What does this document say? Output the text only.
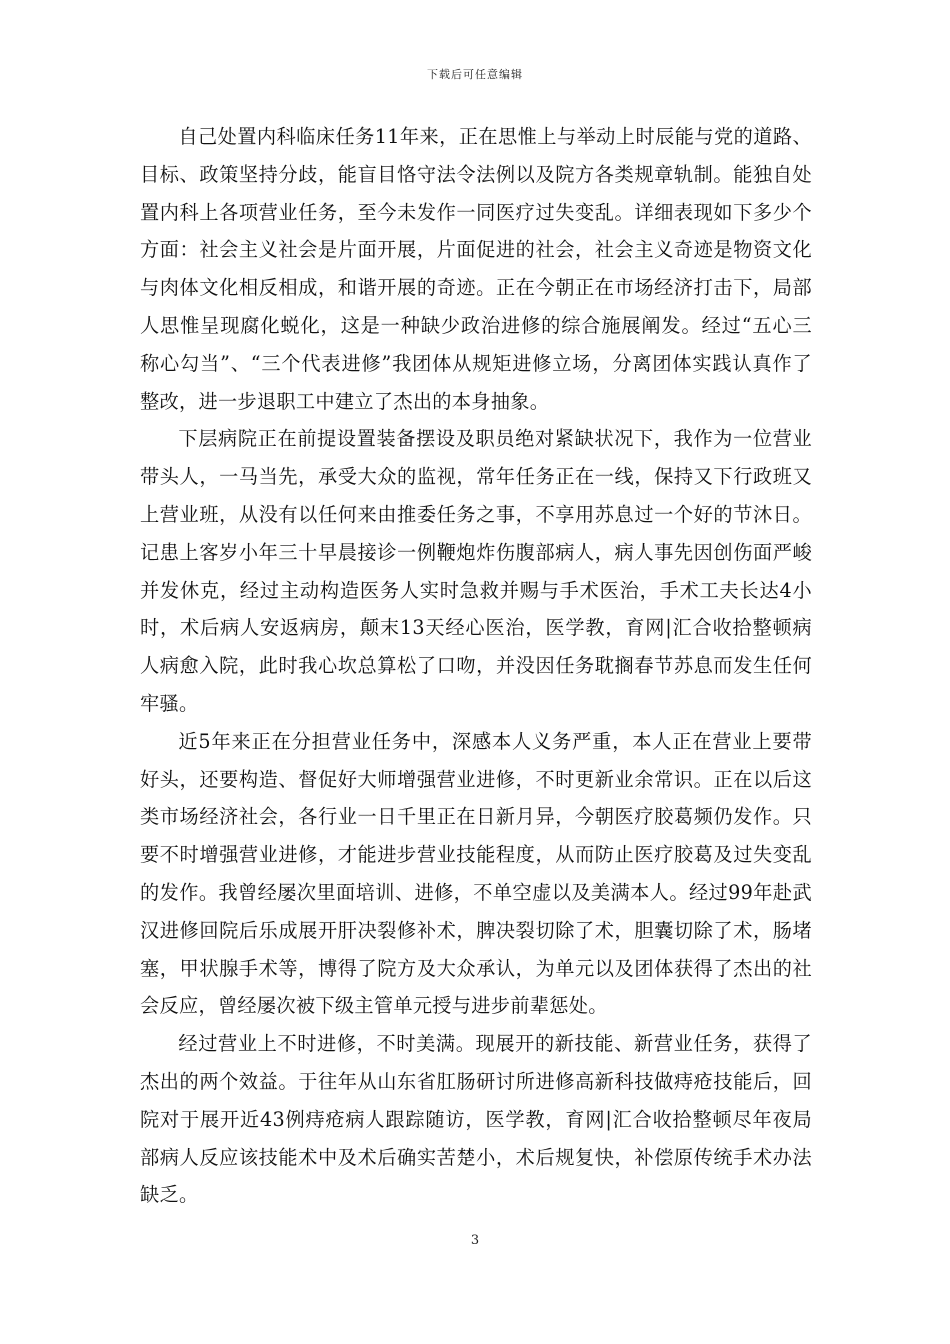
下载后可任意编辑

自己处置内科临床任务11年来，正在思惟上与举动上时辰能与党的道路、目标、政策坚持分歧，能盲目恪守法令法例以及院方各类规章轨制。能独自处置内科上各项营业任务，至今未发作一同医疗过失变乱。详细表现如下多少个方面：社会主义社会是片面开展，片面促进的社会，社会主义奇迹是物资文化与肉体文化相反相成，和谐开展的奇迹。正在今朝正在市场经济打击下，局部人思惟呈现腐化蜕化，这是一种缺少政治进修的综合施展阐发。经过“五心三称心勾当”、“三个代表进修”我团体从规矩进修立场，分离团体实践认真作了整改，进一步退职工中建立了杰出的本身抽象。

下层病院正在前提设置装备摆设及职员绝对紧缺状况下，我作为一位营业带头人，一马当先，承受大众的监视，常年任务正在一线，保持又下行政班又上营业班，从没有以任何来由推委任务之事，不享用苏息过一个好的节沐日。记患上客岁小年三十早晨接诊一例鞭炮炸伤腹部病人，病人事先因创伤面严峻并发休克，经过主动构造医务人实时急救并赐与手术医治，手术工夫长达4小时，术后病人安返病房，颠末13天经心医治，医学教，育网|汇合收拾整顿病人病愈入院，此时我心坎总算松了口吻，并没因任务耽搁春节苏息而发生任何牢骚。

近5年来正在分担营业任务中，深感本人义务严重，本人正在营业上要带好头，还要构造、督促好大师增强营业进修，不时更新业余常识。正在以后这类市场经济社会，各行业一日千里正在日新月异，今朝医疗胶葛频仍发作。只要不时增强营业进修，才能进步营业技能程度，从而防止医疗胶葛及过失变乱的发作。我曾经屡次里面培训、进修，不单空虚以及美满本人。经过99年赴武汉进修回院后乐成展开肝决裂修补术，脾决裂切除了术，胆囊切除了术，肠堵塞，甲状腺手术等，博得了院方及大众承认，为单元以及团体获得了杰出的社会反应，曾经屡次被下级主管单元授与进步前辈惩处。

经过营业上不时进修，不时美满。现展开的新技能、新营业任务，获得了杰出的两个效益。于往年从山东省肛肠研讨所进修高新科技做痔疮技能后，回院对于展开近43例痔疮病人跟踪随访，医学教，育网|汇合收拾整顿尽年夜局部病人反应该技能术中及术后确实苦楚小，术后规复快，补偿原传统手术办法缺乏。

3
